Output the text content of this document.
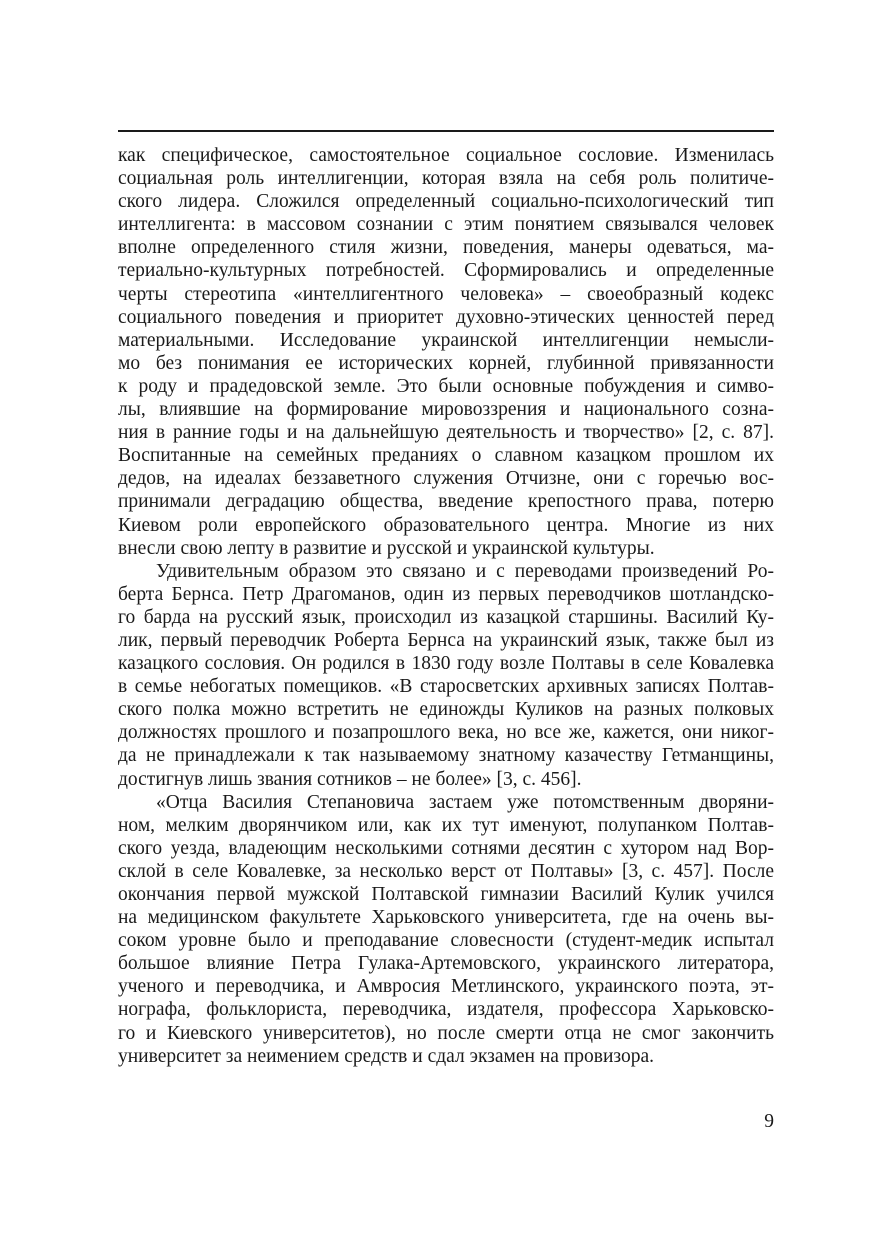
как специфическое, самостоятельное социальное сословие. Изменилась
социальная роль интеллигенции, которая взяла на себя роль политиче-
ского лидера. Сложился определенный социально-психологический тип
интеллигента: в массовом сознании с этим понятием связывался человек
вполне определенного стиля жизни, поведения, манеры одеваться, ма-
териально-культурных потребностей. Сформировались и определенные
черты стереотипа «интеллигентного человека» – своеобразный кодекс
социального поведения и приоритет духовно-этических ценностей перед
материальными. Исследование украинской интеллигенции немысли-
мо без понимания ее исторических корней, глубинной привязанности
к роду и прадедовской земле. Это были основные побуждения и симво-
лы, влиявшие на формирование мировоззрения и национального созна-
ния в ранние годы и на дальнейшую деятельность и творчество» [2, с. 87].
Воспитанные на семейных преданиях о славном казацком прошлом их
дедов, на идеалах беззаветного служения Отчизне, они с горечью вос-
принимали деградацию общества, введение крепостного права, потерю
Киевом роли европейского образовательного центра. Многие из них
внесли свою лепту в развитие и русской и украинской культуры.
Удивительным образом это связано и с переводами произведений Ро-
берта Бернса. Петр Драгоманов, один из первых переводчиков шотландско-
го барда на русский язык, происходил из казацкой старшины. Василий Ку-
лик, первый переводчик Роберта Бернса на украинский язык, также был из
казацкого сословия. Он родился в 1830 году возле Полтавы в селе Ковалевка
в семье небогатых помещиков. «В старосветских архивных записях Полтав-
ского полка можно встретить не единожды Куликов на разных полковых
должностях прошлого и позапрошлого века, но все же, кажется, они никог-
да не принадлежали к так называемому знатному казачеству Гетманщины,
достигнув лишь звания сотников – не более» [3, с. 456].
«Отца Василия Степановича застаем уже потомственным дворяни-
ном, мелким дворянчиком или, как их тут именуют, полупанком Полтав-
ского уезда, владеющим несколькими сотнями десятин с хутором над Вор-
склой в селе Ковалевке, за несколько верст от Полтавы» [3, с. 457]. После
окончания первой мужской Полтавской гимназии Василий Кулик учился
на медицинском факультете Харьковского университета, где на очень вы-
соком уровне было и преподавание словесности (студент-медик испытал
большое влияние Петра Гулака-Артемовского, украинского литератора,
ученого и переводчика, и Амвросия Метлинского, украинского поэта, эт-
нографа, фольклориста, переводчика, издателя, профессора Харьковско-
го и Киевского университетов), но после смерти отца не смог закончить
университет за неимением средств и сдал экзамен на провизора.
9
